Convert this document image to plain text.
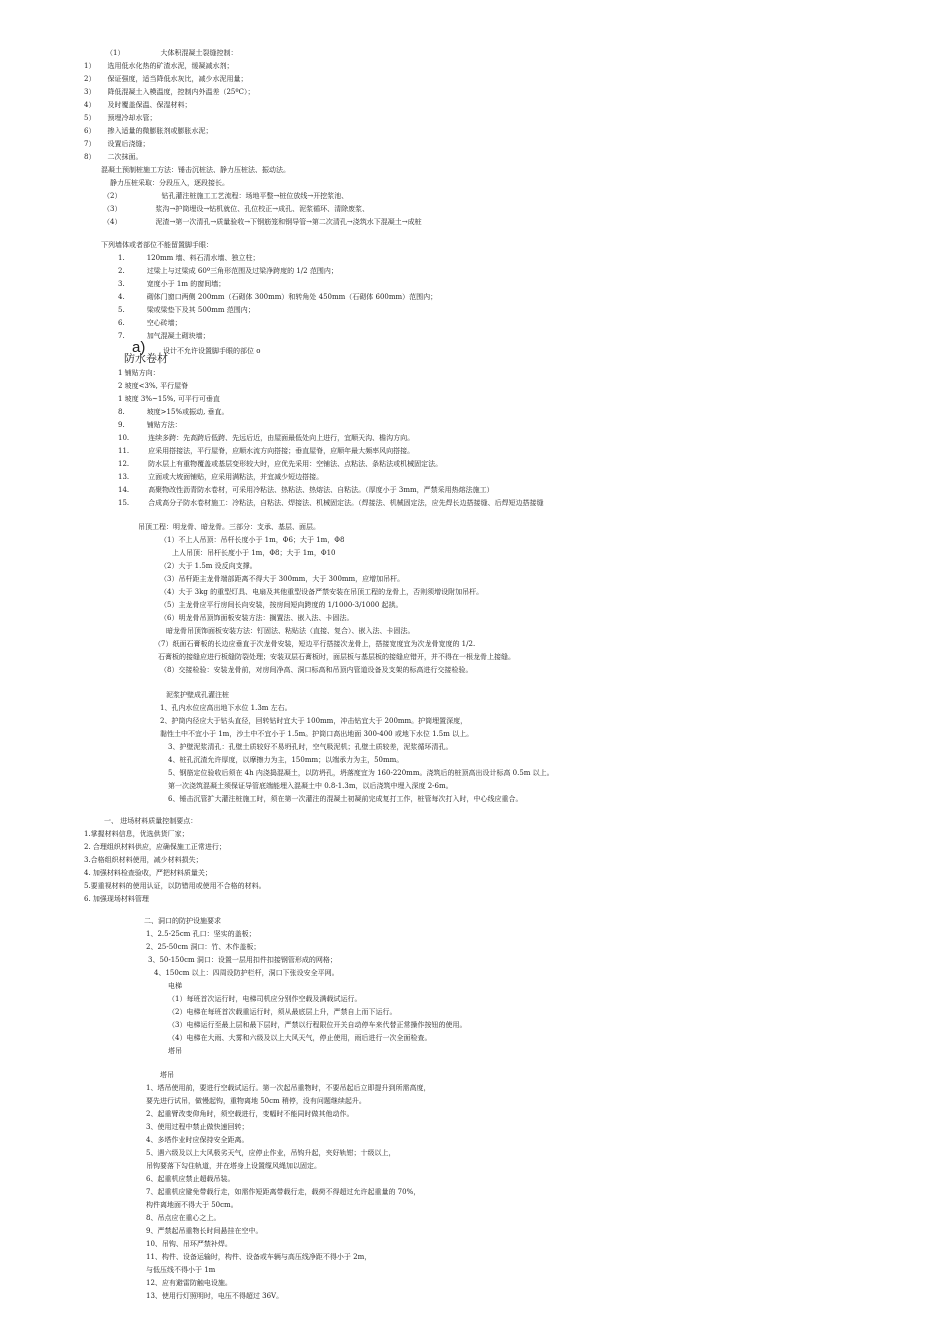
（1）	大体积混凝土裂缝控制：

1） 选用低水化热的矿渣水泥，缓凝减水剂；

2） 保证强度，适当降低水灰比，减少水泥用量；

3） 降低混凝土入模温度，控制内外温差（25ºC）；

4） 及时覆盖保温、保湿材料；

5） 预埋冷却水管；

6） 掺入适量的微膨胀剂或膨胀水泥；

7） 设置后浇缝；

8） 二次抹面。

混凝土预制桩施工方法：锤击沉桩法、静力压桩法、振动法。

静力压桩采取：分段压入，逐段接长。

（2）	钻孔灌注桩施工工艺流程：场地平整→桩位放线→开挖浆池、

（3）	浆沟→护筒埋设→钻机就位、孔位校正→成孔、泥浆循环、清除废浆、

（4）	泥渣→第一次清孔→质量验收→下钢筋笼和钢导管→第二次清孔→浇筑水下混凝土→成桩

下列墙体或者部位不能留置脚手眼：

1.	120mm 墙、料石清水墙、独立柱；

2.	过梁上与过梁成 60º三角形范围及过梁净跨度的 1/2 范围内；

3.	宽度小于 1m 的窗间墙；

4.	砌体门窗口两侧 200mm（石砌体 300mm）和转角处 450mm（石砌体 600mm）范围内；

5.	梁或梁垫下及其 500mm 范围内；

6.	空心砖墙；

7.	加气混凝土砌块墙；

a)	设计不允许设置脚手眼的部位 o

防水卷材

1 铺贴方向：

2 坡度<3%, 平行屋脊

1 坡度 3%~15%, 可平行可垂直

8.	坡度>15%或振动, 垂直。

9.	铺贴方法：

10.	连续多跨：先高跨后低跨、先远后近，由屋面最低处向上进行，宜顺天沟、檐沟方向。

11.	应采用搭接法，平行屋脊，应顺水流方向搭接；垂直屋脊，应顺年最大频率风向搭接。

12.	防水层上有重物覆盖或基层变形较大时，应优先采用：空铺法、点粘法、条粘法或机械固定法。

13.	立面或大坡面铺贴，应采用满粘法，并宜减少短边搭接。

14.	高聚物改性沥青防水卷材，可采用冷粘法、热粘法、热熔法、自粘法。（厚度小于 3mm，严禁采用热熔法施工）

15.	合成高分子防水卷材施工：冷粘法，自粘法、焊接法、机械固定法。（焊接法、机械固定法，应先焊长边搭接缝、后焊短边搭接缝

吊顶工程：明龙骨、暗龙骨。三部分：支承、基层、面层。

（1）不上人吊顶：吊杆长度小于 1m，Φ6；大于 1m，Φ8

上人吊顶：吊杆长度小于 1m，Φ8；大于 1m，Φ10

（2）大于 1.5m 设反向支撑。

（3）吊杆距主龙骨端部距离不得大于 300mm，大于 300mm，应增加吊杆。

（4）大于 3kg 的重型灯具、电扇及其他重型设备严禁安装在吊顶工程的龙骨上，否则须增设附加吊杆。

（5）主龙骨应平行房间长向安装，按房间短向跨度的 1/1000-3/1000 起拱。

（6）明龙骨吊顶饰面板安装方法：搁置法、嵌入法、卡固法。

暗龙骨吊顶饰面板安装方法：钉固法、粘贴法（直接、复合）、嵌入法、卡固法。

（7）纸面石膏板的长边应垂直于次龙骨安装，短边平行搭接次龙骨上，搭接宽度宜为次龙骨宽度的 1/2.

石膏板的接缝应进行板缝防裂处理；安装双层石膏板时，面层板与基层板的接缝应错开，并不得在一根龙骨上接缝。

（8）交接检验：安装龙骨前，对房间净高、洞口标高和吊顶内管道设备及支架的标高进行交接检验。

泥浆护壁成孔灌注桩

1、孔内水位应高出地下水位 1.3m 左右。

2、护筒内径应大于钻头直径，回转钻时宜大于 100mm，冲击钻宜大于 200mm。护筒埋置深度，

黏性土中不宜小于 1m，沙土中不宜小于 1.5m。护筒口高出地面 300-400 或地下水位 1.5m 以上。

3、护壁泥浆清孔：孔壁土质较好不易坍孔时，空气吸泥机；孔壁土质较差，泥浆循环清孔。

4、桩孔沉渣允许厚度，以摩擦力为主，150mm；以端承力为主，50mm。

5、钢筋定位验收后须在 4h 内浇捣混凝土，以防坍孔，坍落度宜为 160-220mm。浇筑后的桩顶高出设计标高 0.5m 以上。

第一次浇筑混凝土须保证导管底端能埋入混凝土中 0.8-1.3m，以后浇筑中埋入深度 2-6m。

6、锤击沉管扩大灌注桩施工时，须在第一次灌注的混凝土初凝前完成复打工作，桩管每次打入时，中心线应重合。

一、 进场材料质量控制要点：

1.掌握材料信息，优选供货厂家；

2. 合理组织材料供应，应确保施工正常进行；

3.合格组织材料使用，减少材料损失；

4. 加强材料检查验收，严把材料质量关；

5.要重视材料的使用认证，以防错用或使用不合格的材料。

6. 加强现场材料管理

二、洞口的防护设施要求

1、2.5-25cm 孔口：坚实的盖板；

2、25-50cm 洞口：竹、木作盖板；

3、50-150cm 洞口：设置一层用扣件扣接钢管形成的网格；

4、150cm 以上：四周设防护栏杆，洞口下张设安全平网。

电梯

（1）每班首次运行时，电梯司机应分别作空载及满载试运行。

（2）电梯在每班首次载重运行时，须从最底层上升，严禁自上而下运行。

（3）电梯运行至最上层和最下层时，严禁以行程限位开关自动停车来代替正常操作按钮的使用。

（4）电梯在大雨、大雾和六级及以上大风天气，停止使用，雨后进行一次全面检查。

塔吊

塔吊

1、塔吊使用前，要进行空载试运行。第一次起吊重物时，不要吊起后立即提升到所需高度，

要先进行试吊，做慢起钩，重物离地 50cm 稍停，没有问题继续起升。

2、起重臂改变仰角时，须空载进行，变幅时不能同时做其他动作。

3、使用过程中禁止做快速回转；

4、多塔作业时应保持安全距离。

5、遇六级及以上大风极劣天气，应停止作业，吊钩升起，夹好轨钳；十级以上，

吊钩要落下勾住轨道，并在塔身上设置缆风绳加以固定。

6、起重机应禁止超载吊装。

7、起重机应避免带载行走，如需作短距离带载行走，载荷不得超过允许起重量的 70%，

构件离地面不得大于 50cm。

8、吊点应在重心之上。

9、严禁起吊重物长时间悬挂在空中。

10、吊钩、吊环严禁补焊。

11、构件、设备运输时，构件、设备或车辆与高压线净距不得小于 2m，

与低压线不得小于 1m

12、应有避雷防触电设施。

13、使用行灯照明时，电压不得超过 36V。
